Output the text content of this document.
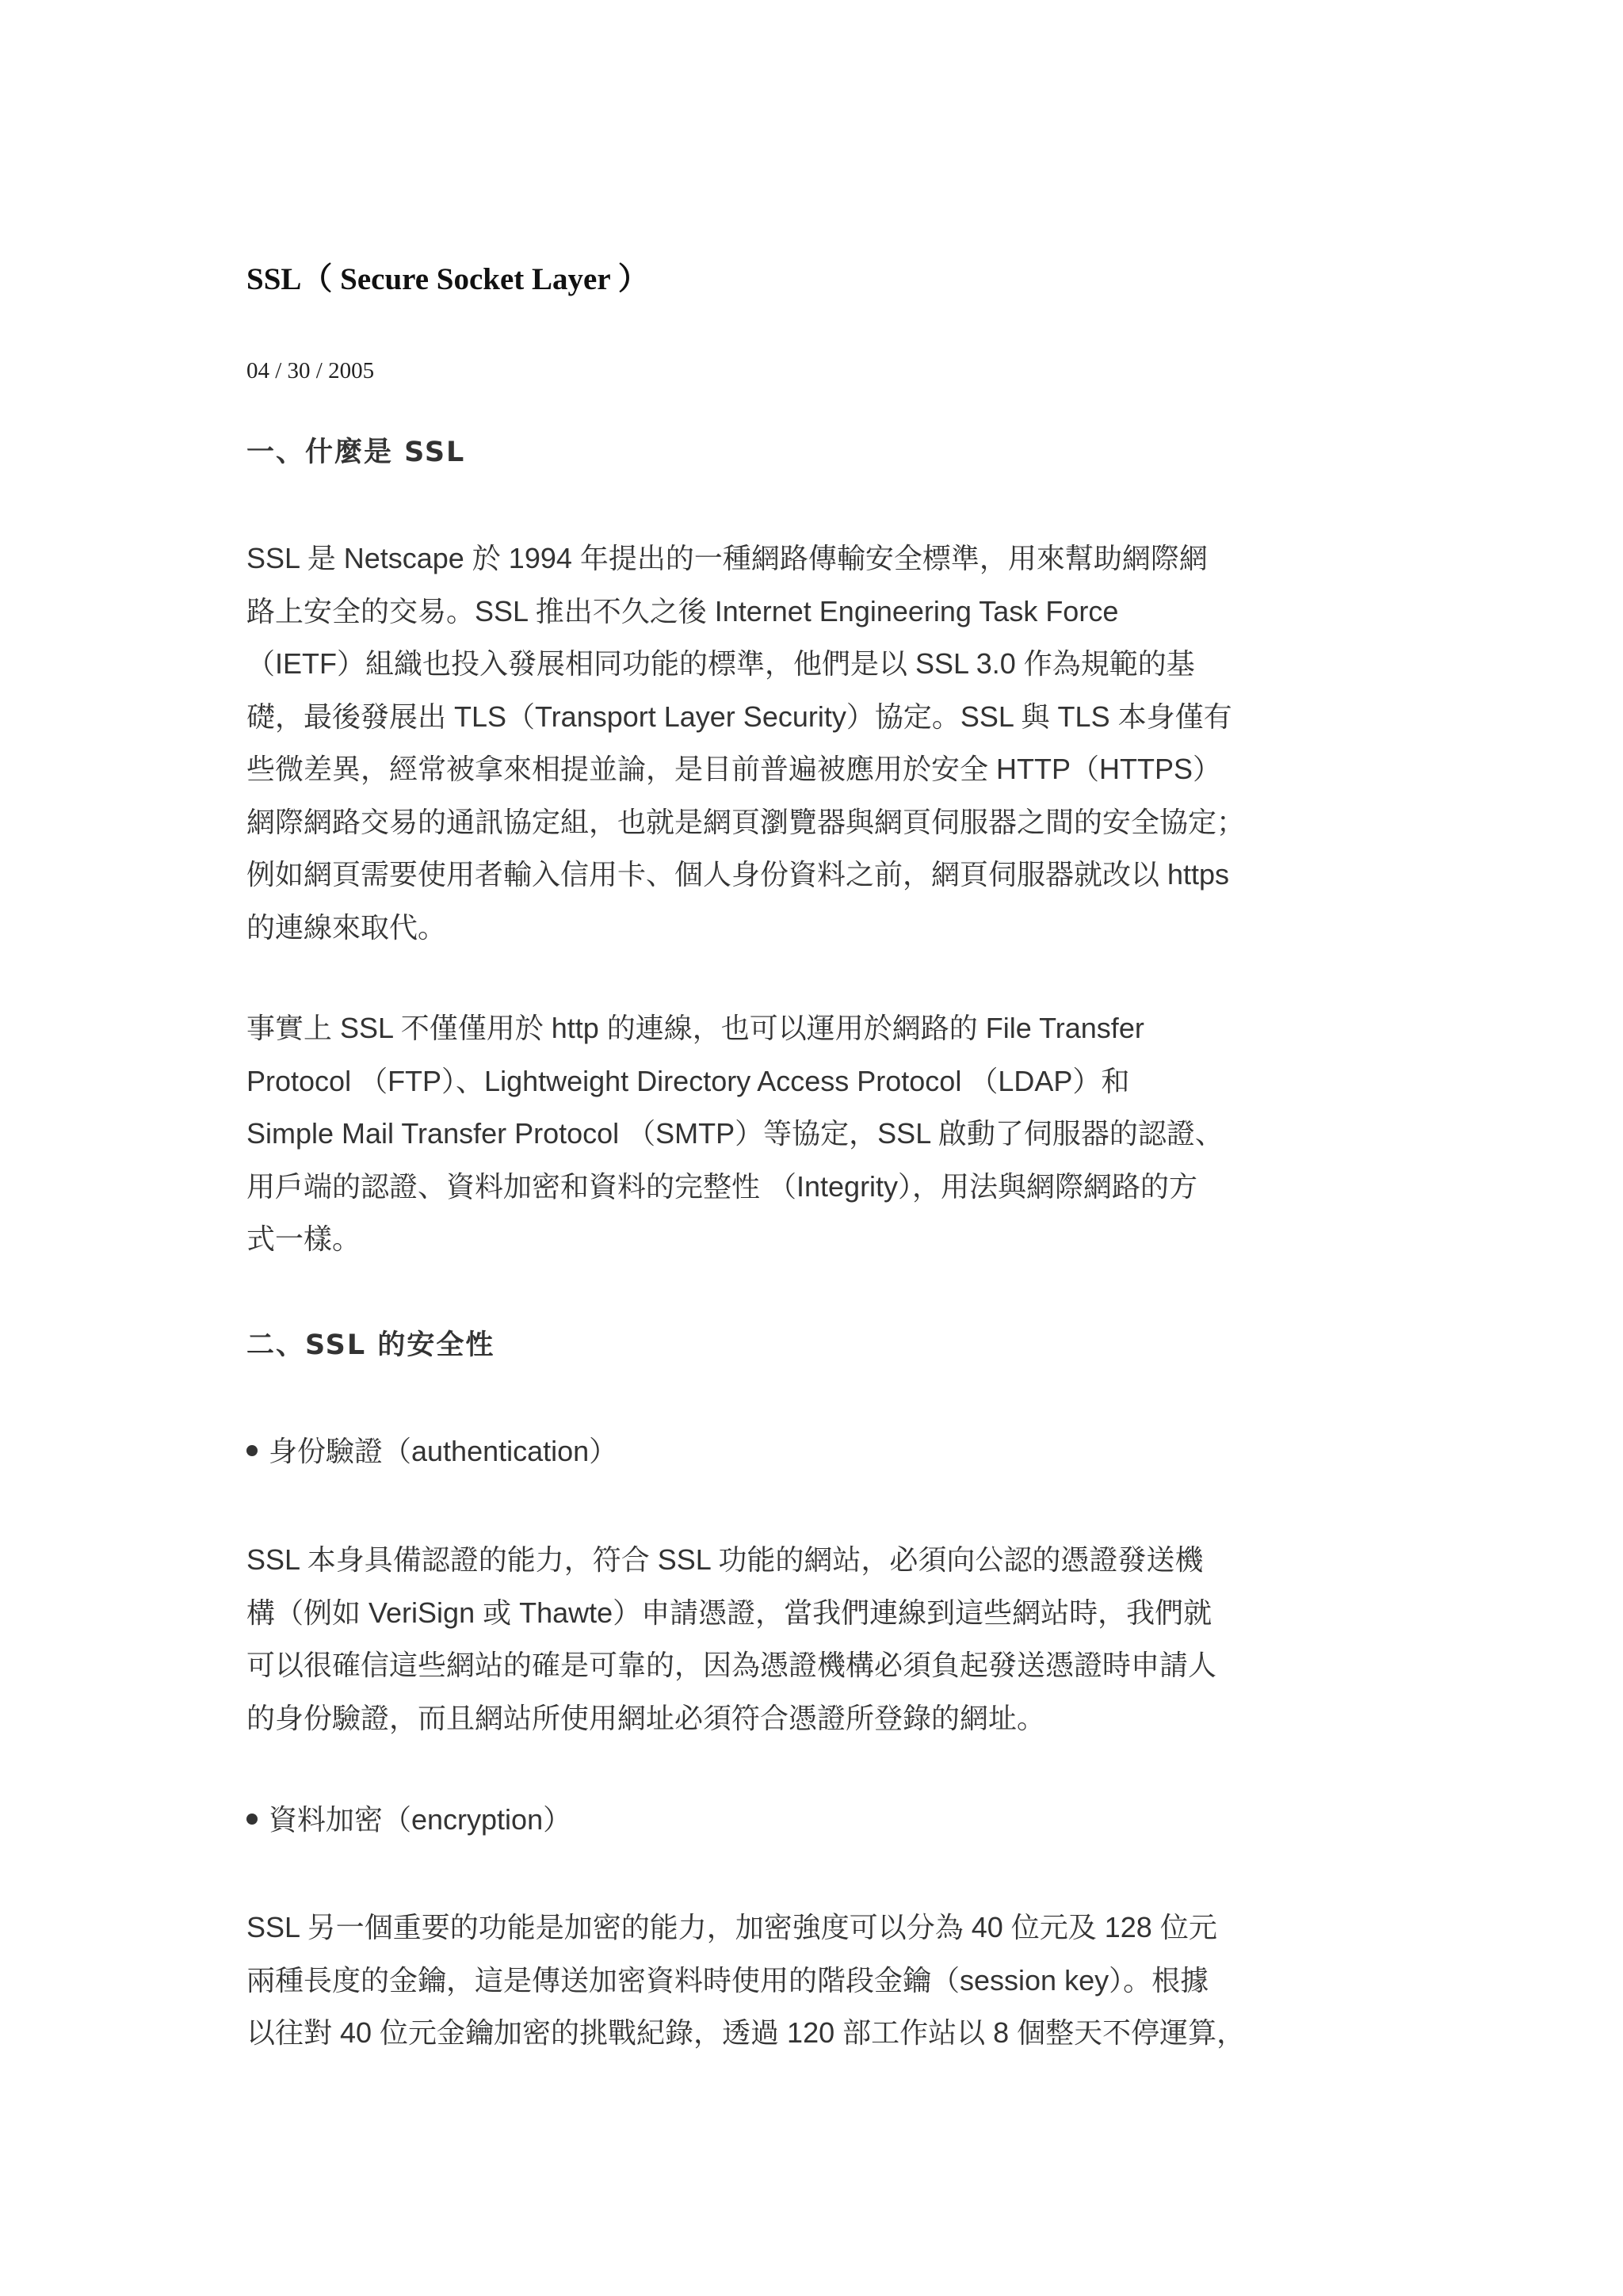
SSL（ Secure Socket Layer ）
04 / 30 / 2005
一、什麼是 SSL
SSL 是 Netscape 於 1994 年提出的一種網路傳輸安全標準，用來幫助網際網
路上安全的交易。SSL 推出不久之後 Internet Engineering Task Force
（IETF）組織也投入發展相同功能的標準，他們是以 SSL 3.0 作為規範的基
礎，最後發展出 TLS（Transport Layer Security）協定。SSL 與 TLS 本身僅有
些微差異，經常被拿來相提並論，是目前普遍被應用於安全 HTTP（HTTPS）
網際網路交易的通訊協定組，也就是網頁瀏覽器與網頁伺服器之間的安全協定；
例如網頁需要使用者輸入信用卡、個人身份資料之前，網頁伺服器就改以 https
的連線來取代。
事實上 SSL 不僅僅用於 http 的連線，也可以運用於網路的 File Transfer
Protocol （FTP）、Lightweight Directory Access Protocol （LDAP）和
Simple Mail Transfer Protocol （SMTP）等協定，SSL 啟動了伺服器的認證、
用戶端的認證、資料加密和資料的完整性 （Integrity），用法與網際網路的方
式一樣。
二、SSL 的安全性
身份驗證（authentication）
SSL 本身具備認證的能力，符合 SSL 功能的網站，必須向公認的憑證發送機
構（例如 VeriSign 或 Thawte）申請憑證，當我們連線到這些網站時，我們就
可以很確信這些網站的確是可靠的，因為憑證機構必須負起發送憑證時申請人
的身份驗證，而且網站所使用網址必須符合憑證所登錄的網址。
資料加密（encryption）
SSL 另一個重要的功能是加密的能力，加密強度可以分為 40 位元及 128 位元
兩種長度的金鑰，這是傳送加密資料時使用的階段金鑰（session key）。根據
以往對 40 位元金鑰加密的挑戰紀錄，透過 120 部工作站以 8 個整天不停運算，
